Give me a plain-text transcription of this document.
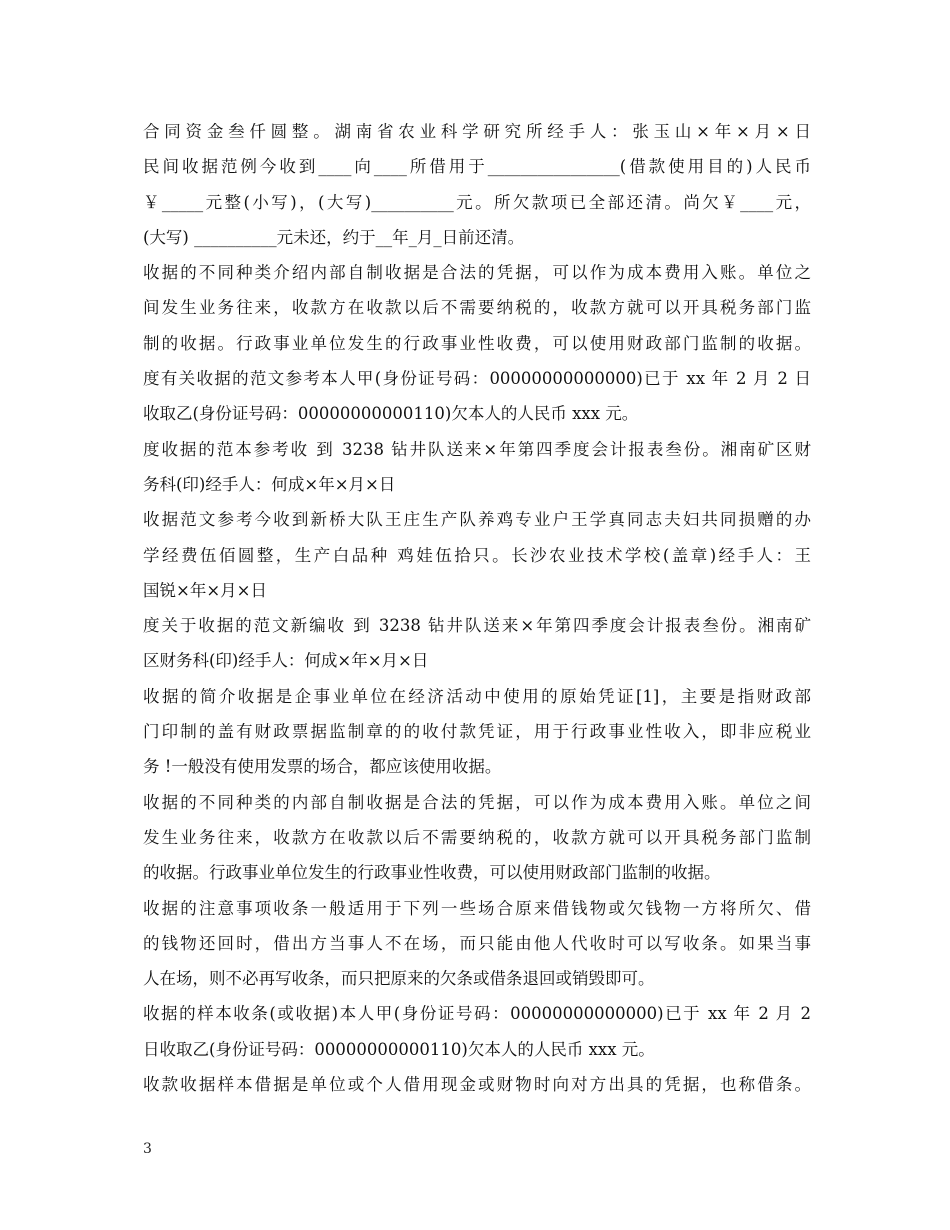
合同资金叁仟圆整。湖南省农业科学研究所经手人：张玉山×年×月×日
民间收据范例今收到____向____所借用于________________(借款使用目的)人民币
￥_____元整(小写)，(大写)__________元。所欠款项已全部还清。尚欠￥____元，
(大写) __________元未还，约于__年_月_日前还清。
收据的不同种类介绍内部自制收据是合法的凭据，可以作为成本费用入账。单位之
间发生业务往来，收款方在收款以后不需要纳税的，收款方就可以开具税务部门监
制的收据。行政事业单位发生的行政事业性收费，可以使用财政部门监制的收据。
度有关收据的范文参考本人甲(身份证号码：00000000000000)已于 xx 年 2 月 2 日
收取乙(身份证号码：00000000000110)欠本人的人民币 xxx 元。
度收据的范本参考收 到 3238 钻井队送来×年第四季度会计报表叁份。湘南矿区财
务科(印)经手人：何成×年×月×日
收据范文参考今收到新桥大队王庄生产队养鸡专业户王学真同志夫妇共同损赠的办
学经费伍佰圆整，生产白品种 鸡娃伍拾只。长沙农业技术学校(盖章)经手人：王
国锐×年×月×日
度关于收据的范文新编收 到 3238 钻井队送来×年第四季度会计报表叁份。湘南矿
区财务科(印)经手人：何成×年×月×日
收据的简介收据是企事业单位在经济活动中使用的原始凭证[1]，主要是指财政部
门印制的盖有财政票据监制章的的收付款凭证，用于行政事业性收入，即非应税业
务 !一般没有使用发票的场合，都应该使用收据。
收据的不同种类的内部自制收据是合法的凭据，可以作为成本费用入账。单位之间
发生业务往来，收款方在收款以后不需要纳税的，收款方就可以开具税务部门监制
的收据。行政事业单位发生的行政事业性收费，可以使用财政部门监制的收据。
收据的注意事项收条一般适用于下列一些场合原来借钱物或欠钱物一方将所欠、借
的钱物还回时，借出方当事人不在场，而只能由他人代收时可以写收条。如果当事
人在场，则不必再写收条，而只把原来的欠条或借条退回或销毁即可。
收据的样本收条(或收据)本人甲(身份证号码：00000000000000)已于 xx 年 2 月 2
日收取乙(身份证号码：00000000000110)欠本人的人民币 xxx 元。
收款收据样本借据是单位或个人借用现金或财物时向对方出具的凭据，也称借条。
3
